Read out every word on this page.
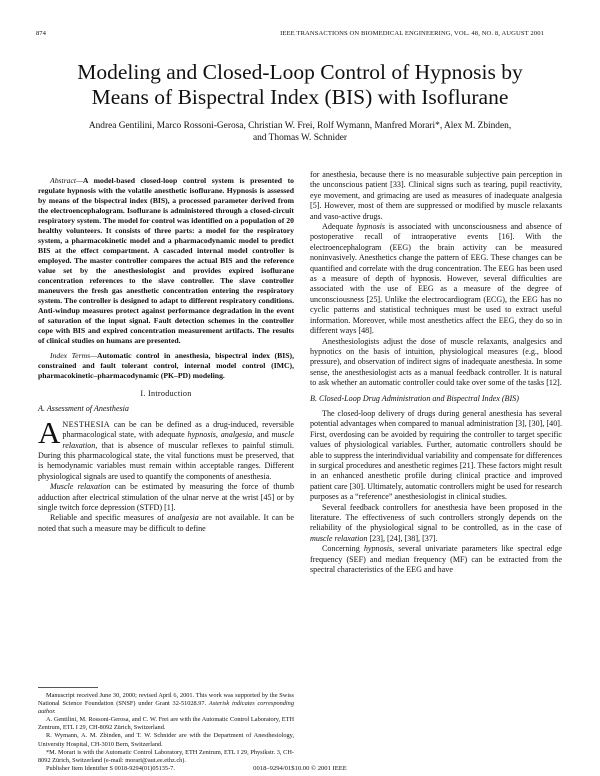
874	IEEE TRANSACTIONS ON BIOMEDICAL ENGINEERING, VOL. 48, NO. 8, AUGUST 2001
Modeling and Closed-Loop Control of Hypnosis by
Means of Bispectral Index (BIS) with Isoflurane
Andrea Gentilini, Marco Rossoni-Gerosa, Christian W. Frei, Rolf Wymann, Manfred Morari*, Alex M. Zbinden,
and Thomas W. Schnider

Abstract—A model-based closed-loop control system is presented to regulate hypnosis with the volatile anesthetic isoflurane. Hypnosis is assessed by means of the bispectral index (BIS), a processed parameter derived from the electroencephalogram. Isoflurane is administered through a closed-circuit respiratory system. The model for control was identified on a population of 20 healthy volunteers. It consists of three parts: a model for the respiratory system, a pharmacokinetic model and a pharmacodynamic model to predict BIS at the effect compartment. A cascaded internal model controller is employed. The master controller compares the actual BIS and the reference value set by the anesthesiologist and provides expired isoflurane concentration references to the slave controller. The slave controller maneuvers the fresh gas anesthetic concentration entering the respiratory system. The controller is designed to adapt to different respiratory conditions. Anti-windup measures protect against performance degradation in the event of saturation of the input signal. Fault detection schemes in the controller cope with BIS and expired concentration measurement artifacts. The results of clinical studies on humans are presented.

Index Terms—Automatic control in anesthesia, bispectral index (BIS), constrained and fault tolerant control, internal model control (IMC), pharmacokinetic–pharmacodynamic (PK–PD) modeling.

I. Introduction
A. Assessment of Anesthesia

ANESTHESIA can be can be defined as a drug-induced, reversible pharmacological state, with adequate hypnosis, analgesia, and muscle relaxation, that is absence of muscular reflexes to painful stimuli. During this pharmacological state, the vital functions must be preserved, that is hemodynamic variables must remain within acceptable ranges. Different physiological signals are used to quantify the components of anesthesia.

Muscle relaxation can be estimated by measuring the force of thumb adduction after electrical stimulation of the ulnar nerve at the wrist [45] or by single twitch force depression (STFD) [1].

Reliable and specific measures of analgesia are not available. It can be noted that such a measure may be difficult to define

Manuscript received June 30, 2000; revised April 6, 2001. This work was supported by the Swiss National Science Foundation (SNSF) under Grant 32-51028.97. Asterisk indicates corresponding author.

A. Gentilini, M. Rossoni-Gerosa, and C. W. Frei are with the Automatic Control Laboratory, ETH Zentrum, ETL I 29, CH-8092 Zürich, Switzerland.

R. Wymann, A. M. Zbinden, and T. W. Schnider are with the Department of Anesthesiology, University Hospital, CH-3010 Bern, Switzerland.

*M. Morari is with the Automatic Control Laboratory, ETH Zentrum, ETL I 29, Physikstr. 3, CH-8092 Zürich, Switzerland (e-mail: morari@aut.ee.ethz.ch).

Publisher Item Identifier S 0018-9294(01)05135-7.

for anesthesia, because there is no measurable subjective pain perception in the unconscious patient [33]. Clinical signs such as tearing, pupil reactivity, eye movement, and grimacing are used as measures of inadequate analgesia [5]. However, most of them are suppressed or modified by muscle relaxants and vaso-active drugs.

Adequate hypnosis is associated with unconsciousness and absence of postoperative recall of intraoperative events [16]. With the electroencephalogram (EEG) the brain activity can be measured noninvasively. Anesthetics change the pattern of EEG. These changes can be quantified and correlate with the drug concentration. The EEG has been used as a measure of depth of hypnosis. However, several difficulties are associated with the use of EEG as a measure of the degree of unconsciousness [25]. Unlike the electrocardiogram (ECG), the EEG has no cyclic patterns and statistical techniques must be used to extract useful information. Moreover, while most anesthetics affect the EEG, they do so in different ways [48].

Anesthesiologists adjust the dose of muscle relaxants, analgesics and hypnotics on the basis of intuition, physiological measures (e.g., blood pressure), and observation of indirect signs of inadequate anesthesia. In some sense, the anesthesiologist acts as a manual feedback controller. It is natural to ask whether an automatic controller could take over some of the tasks [12].

B. Closed-Loop Drug Administration and Bispectral Index (BIS)

The closed-loop delivery of drugs during general anesthesia has several potential advantages when compared to manual administration [3], [30], [40]. First, overdosing can be avoided by requiring the controller to target specific values of physiological variables. Further, automatic controllers should be able to suppress the interindividual variability and compensate for differences in surgical procedures and anesthetic regimes [21]. These factors might result in an enhanced anesthetic profile during clinical practice and improved patient care [30]. Ultimately, automatic controllers might be used for research purposes as a “reference” anesthesiologist in clinical studies.

Several feedback controllers for anesthesia have been proposed in the literature. The effectiveness of such controllers strongly depends on the reliability of the physiological signal to be controlled, as in the case of muscle relaxation [23], [24], [38], [37].

Concerning hypnosis, several univariate parameters like spectral edge frequency (SEF) and median frequency (MF) can be extracted from the spectral characteristics of the EEG and have

0018–9294/01$10.00 © 2001 IEEE
